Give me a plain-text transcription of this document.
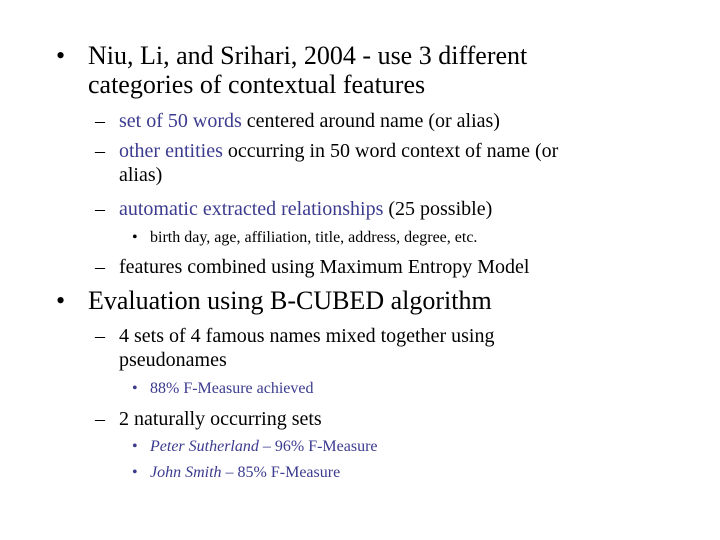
• Niu, Li, and Srihari, 2004 - use 3 different
categories of contextual features
– set of 50 words centered around name (or alias)
– other entities occurring in 50 word context of name (or
alias)
– automatic extracted relationships (25 possible)
• birth day, age, affiliation, title, address, degree, etc.
– features combined using Maximum Entropy Model
• Evaluation using B-CUBED algorithm
– 4 sets of 4 famous names mixed together using
pseudonames
• 88% F-Measure achieved
– 2 naturally occurring sets
• Peter Sutherland – 96% F-Measure
• John Smith – 85% F-Measure
